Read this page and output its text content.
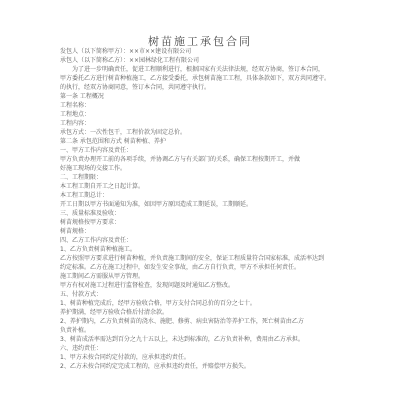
树苗施工承包合同
发包人（以下简称甲方）：××市××建设有限公司
承包人（以下简称乙方）：××园林绿化工程有限公司
为了进一步明确责任，促进工程顺利进行，根据国家有关法律法规，经双方协商，签订本合同，
甲方委托乙方进行树苗种植施工，乙方接受委托，承包树苗施工工程，具体条款如下，双方共同遵守。
的执行，经双方协商同意，签订本合同，共同遵守执行。
第一条 工程概况
工程名称：
工程地点：
工程内容：
承包方式：一次性包干，工程价款为固定总价。
第二条 承包范围和方式 树苗种植、养护
一、甲方工作内容及责任：
甲方负责办理开工前的各项手续，并协调乙方与有关部门的关系，确保工程按期开工，并做
好施工现场的交接工作。
二、工程期限：
本工程工期自开工之日起计算。
本工程工期总计：
开工日期以甲方书面通知为准，如因甲方原因造成工期延误，工期顺延。
三、质量标准及验收：
树苗规格按甲方要求：
树苗规格：
四、乙方工作内容及责任：
1、乙方负责树苗种植施工。
乙方按照甲方要求进行树苗种植，并负责施工期间的安全，保证工程质量符合国家标准，成活率达到
约定标准。乙方在施工过程中，如发生安全事故，由乙方自行负责，甲方不承担任何责任。
施工期间乙方需服从甲方管理。
甲方有权对施工过程进行监督检查，发现问题及时通知乙方整改。
五、付款方式：
1、树苗种植完成后，经甲方验收合格，甲方支付合同总价的百分之七十。
养护期满，经甲方验收合格后付清余款。
2、养护期内，乙方负责树苗的浇水、施肥、修剪、病虫害防治等养护工作，死亡树苗由乙方
负责补植。
3、树苗成活率需达到百分之九十五以上，未达到标准的，乙方负责补种，费用由乙方承担。
六、违约责任：
1、甲方未按合同约定付款的，应承担违约责任。
2、乙方未按合同约定完成工程的，应承担违约责任，并赔偿甲方损失。
